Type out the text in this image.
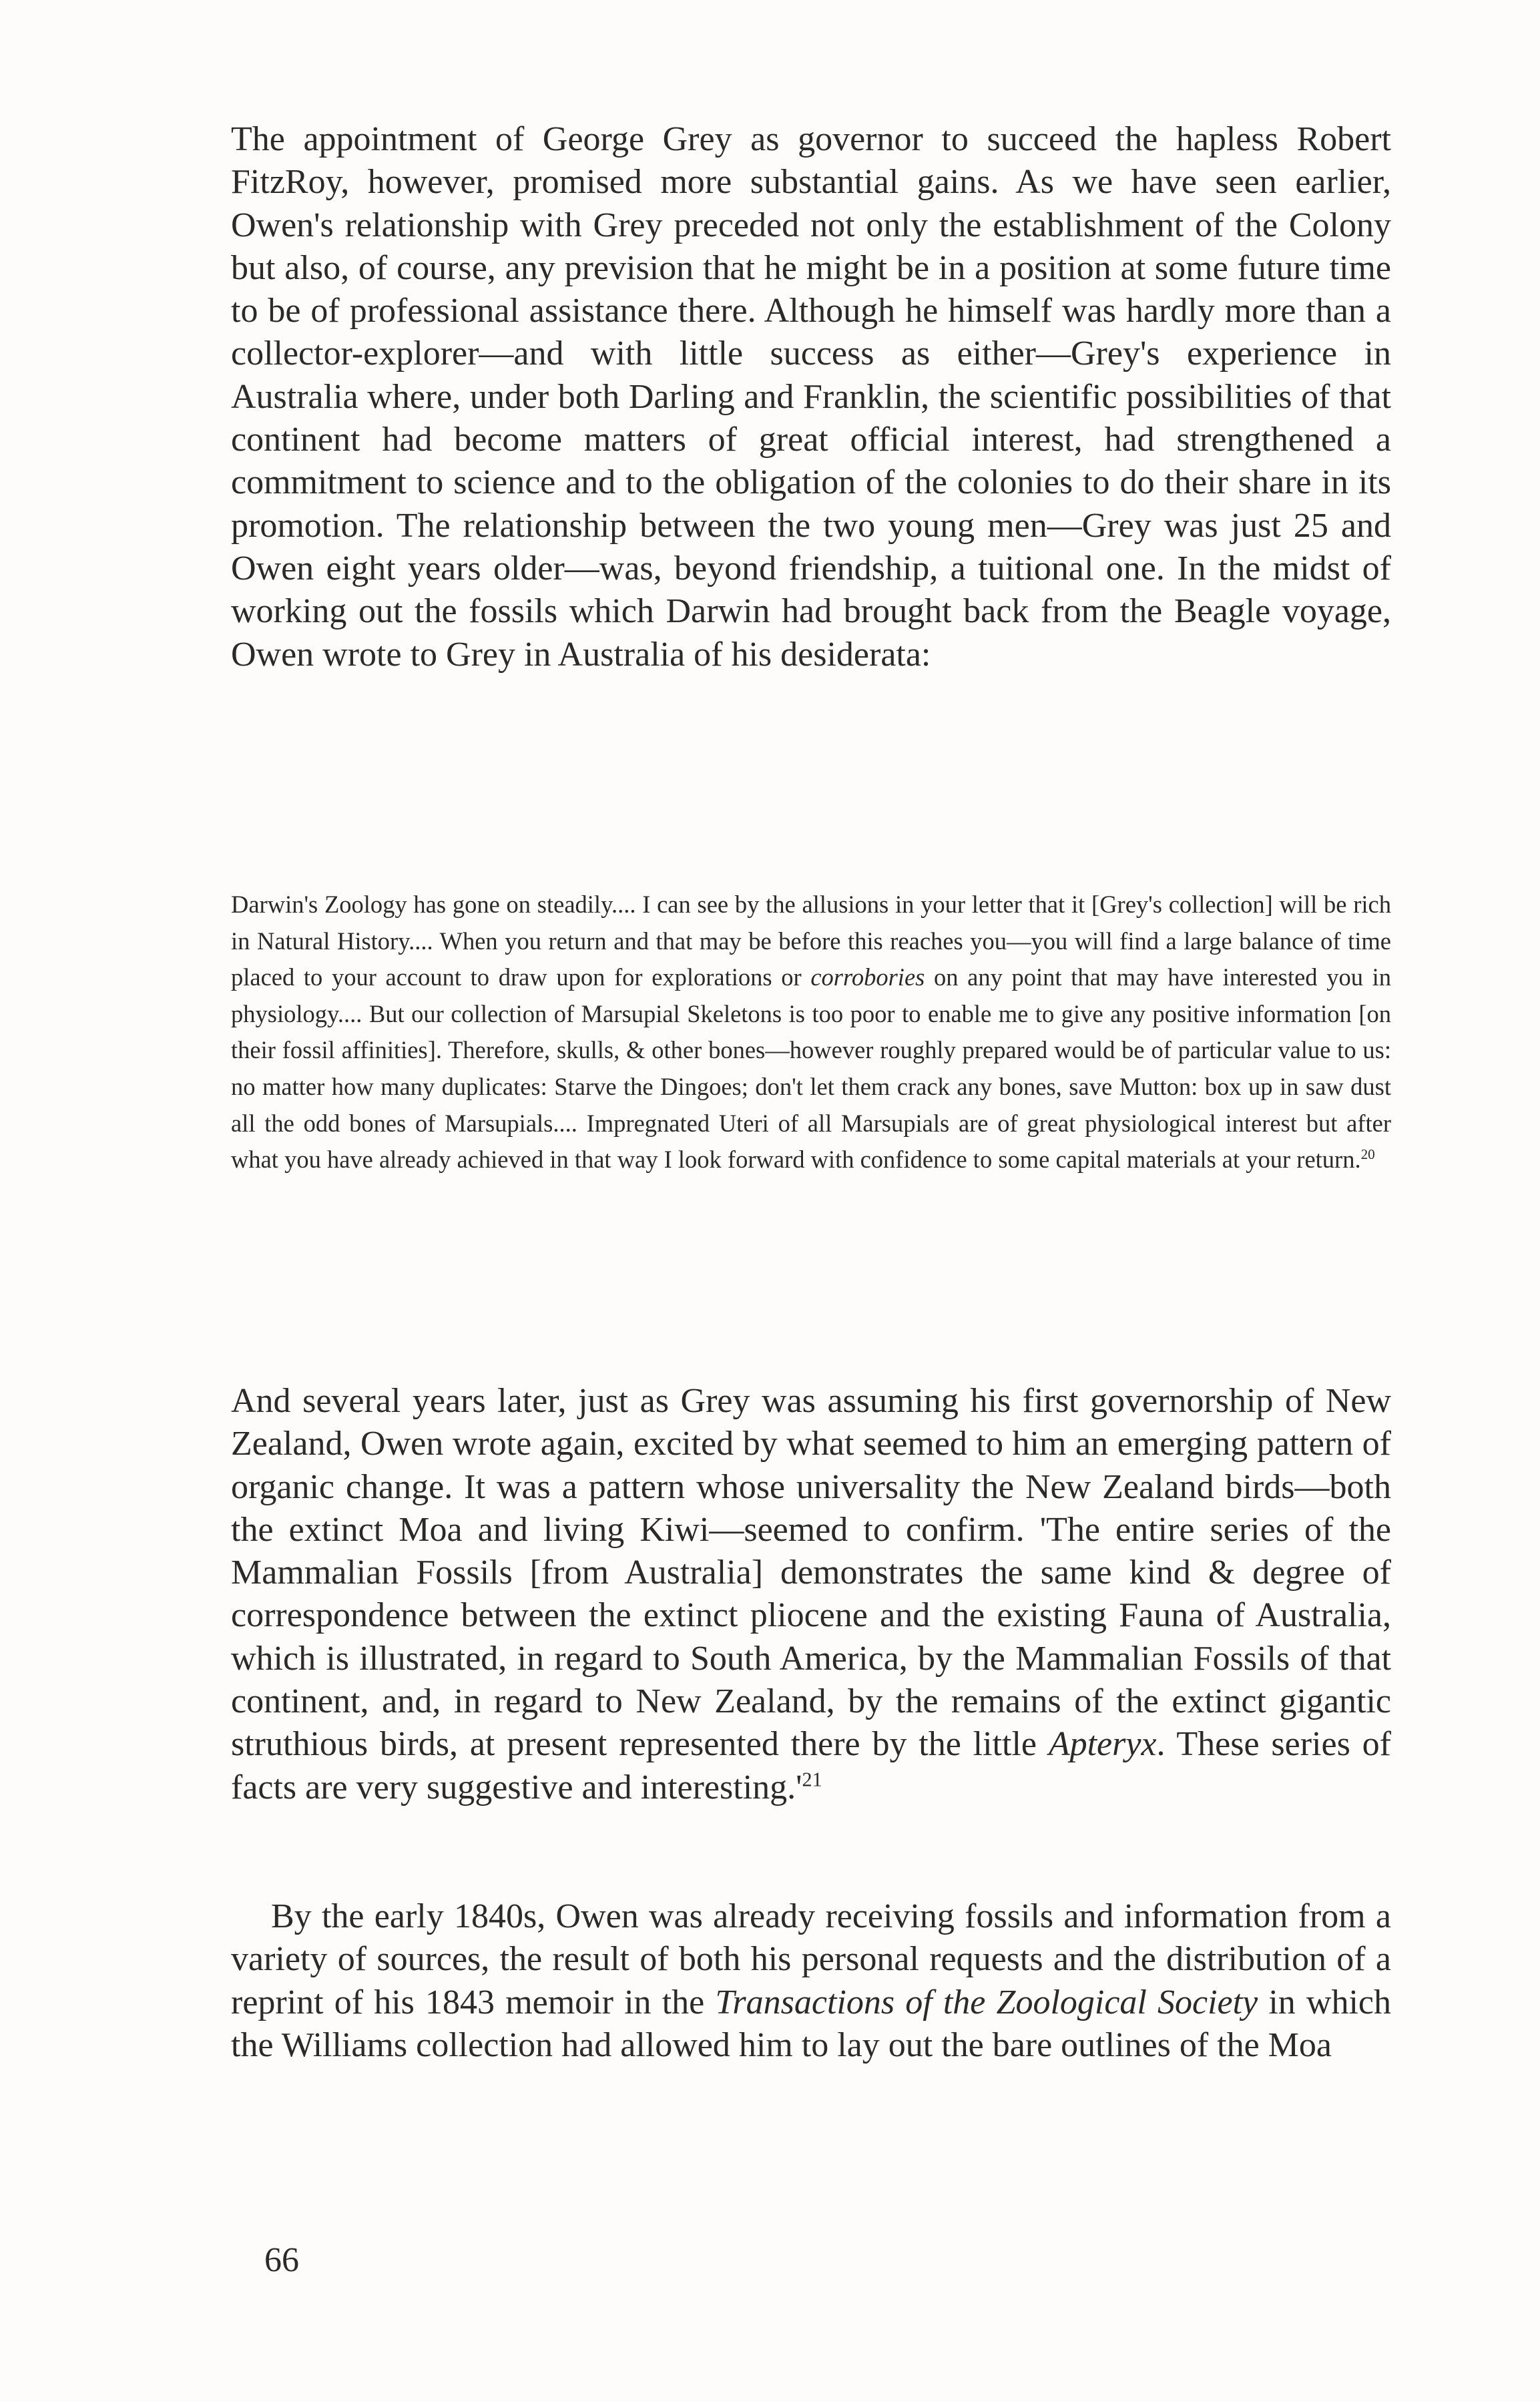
The appointment of George Grey as governor to succeed the hapless Robert FitzRoy, however, promised more substantial gains. As we have seen earlier, Owen's relationship with Grey preceded not only the establishment of the Colony but also, of course, any prevision that he might be in a position at some future time to be of professional assistance there. Although he himself was hardly more than a collector-explorer—and with little success as either—Grey's experience in Australia where, under both Darling and Franklin, the scientific possibilities of that continent had become matters of great official interest, had strengthened a commitment to science and to the obligation of the colonies to do their share in its promotion. The relationship between the two young men—Grey was just 25 and Owen eight years older—was, beyond friendship, a tuitional one. In the midst of working out the fossils which Darwin had brought back from the Beagle voyage, Owen wrote to Grey in Australia of his desiderata:

Darwin's Zoology has gone on steadily.... I can see by the allusions in your letter that it [Grey's collection] will be rich in Natural History.... When you return and that may be before this reaches you—you will find a large balance of time placed to your account to draw upon for explorations or corrobories on any point that may have interested you in physiology.... But our collection of Marsupial Skeletons is too poor to enable me to give any positive information [on their fossil affinities]. Therefore, skulls, & other bones—however roughly prepared would be of particular value to us: no matter how many duplicates: Starve the Dingoes; don't let them crack any bones, save Mutton: box up in saw dust all the odd bones of Marsupials.... Impregnated Uteri of all Marsupials are of great physiological interest but after what you have already achieved in that way I look forward with confidence to some capital materials at your return.$^{20}$

And several years later, just as Grey was assuming his first governorship of New Zealand, Owen wrote again, excited by what seemed to him an emerging pattern of organic change. It was a pattern whose universality the New Zealand birds—both the extinct Moa and living Kiwi—seemed to confirm. 'The entire series of the Mammalian Fossils [from Australia] demonstrates the same kind & degree of correspondence between the extinct pliocene and the existing Fauna of Australia, which is illustrated, in regard to South America, by the Mammalian Fossils of that continent, and, in regard to New Zealand, by the remains of the extinct gigantic struthious birds, at present represented there by the little Apteryx. These series of facts are very suggestive and interesting.'$^{21}$

By the early 1840s, Owen was already receiving fossils and information from a variety of sources, the result of both his personal requests and the distribution of a reprint of his 1843 memoir in the Transactions of the Zoological Society in which the Williams collection had allowed him to lay out the bare outlines of the Moa

66
